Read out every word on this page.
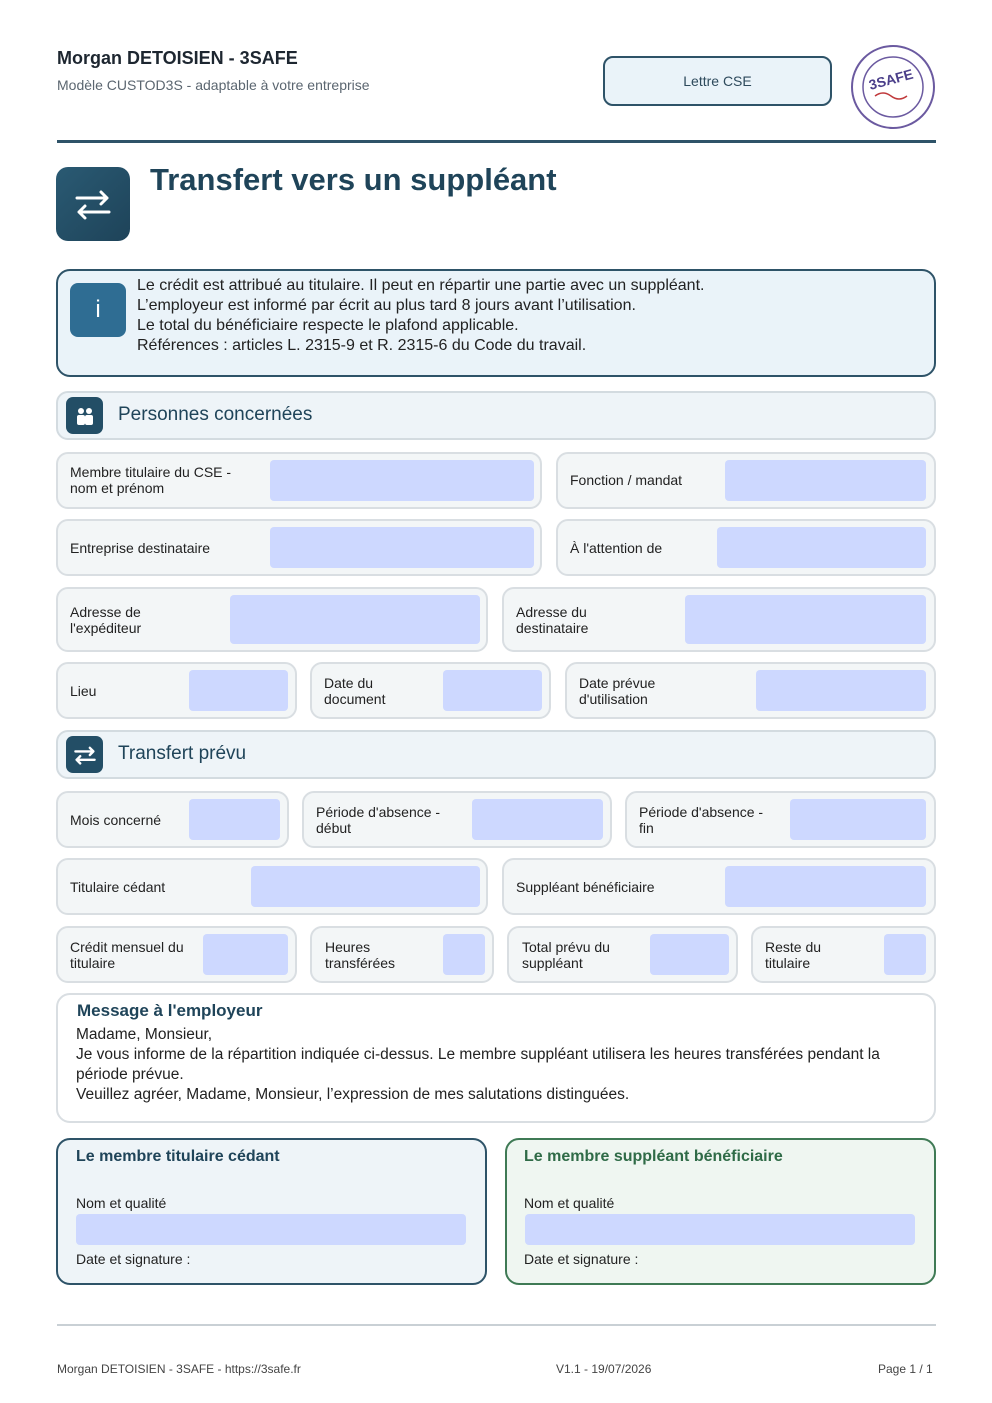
Morgan DETOISIEN - 3SAFE
Modèle CUSTOD3S - adaptable à votre entreprise	Lettre CSE	3SAFE
Transfert vers un suppléant
i
Le crédit est attribué au titulaire. Il peut en répartir une partie avec un suppléant.
L’employeur est informé par écrit au plus tard 8 jours avant l’utilisation.
Le total du bénéficiaire respecte le plafond applicable.
Références : articles L. 2315-9 et R. 2315-6 du Code du travail.
Personnes concernées
Membre titulaire du CSE - nom et prénom	Fonction / mandat
Entreprise destinataire	À l'attention de
Adresse de l'expéditeur
Adresse du destinataire
Lieu	Date du document
Date prévue d'utilisation
Transfert prévu
Mois concerné	Période d'absence - début
Période d'absence - fin
Titulaire cédant	Suppléant bénéficiaire
Crédit mensuel du titulaire
Heures transférées
Total prévu du suppléant
Reste du titulaire
Message à l'employeur
Madame, Monsieur,
Je vous informe de la répartition indiquée ci-dessus. Le membre suppléant utilisera les heures transférées pendant la période prévue.
Veuillez agréer, Madame, Monsieur, l’expression de mes salutations distinguées.
Le membre titulaire cédant
Nom et qualité
Date et signature :
Le membre suppléant bénéficiaire
Nom et qualité
Date et signature :
Morgan DETOISIEN - 3SAFE - https://3safe.fr	V1.1 - 19/07/2026	Page 1 / 1
